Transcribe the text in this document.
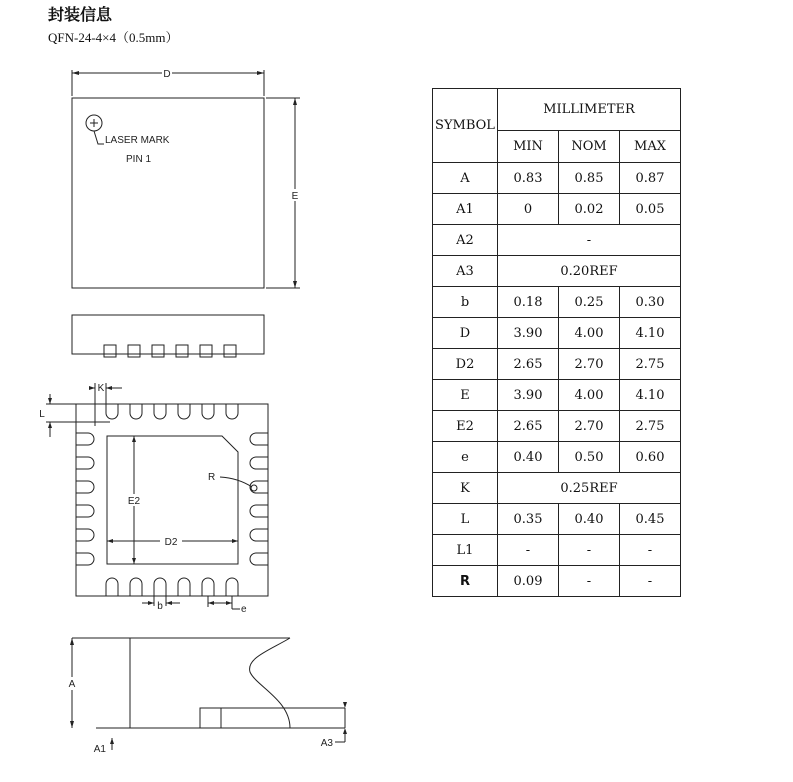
封装信息
QFN-24-4×4（0.5mm）
D
E
LASER MARK
PIN 1
K
L
E2
D2
R
b	e
A
A1
A3
SYMBOL	MILLIMETER		
	MIN	NOM	MAX
A	0.83	0.85	0.87
A1	0	0.02	0.05
A2	-		
A3	0.20REF		
b	0.18	0.25	0.30
D	3.90	4.00	4.10
D2	2.65	2.70	2.75
E	3.90	4.00	4.10
E2	2.65	2.70	2.75
e	0.40	0.50	0.60
K	0.25REF		
L	0.35	0.40	0.45
L1	-	-	-
R	0.09	-	-
